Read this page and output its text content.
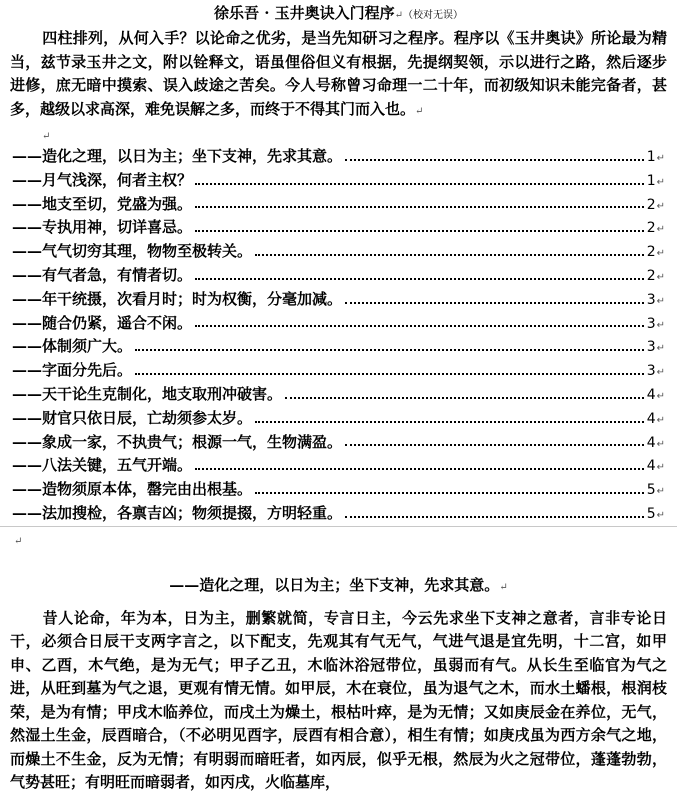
徐乐吾 · 玉井奥诀入门程序↵（校对无误）
四柱排列，从何入手？以论命之优劣，是当先知研习之程序。程序以《玉井奥诀》所论最为精当，兹节录玉井之文，附以铨释文，语虽俚俗但义有根据，先提纲契领，示以进行之路，然后逐步进修，庶无暗中摸索、误入歧途之苦矣。今人号称曾习命理一二十年，而初级知识未能完备者，甚多，越级以求高深，难免误解之多，而终于不得其门而入也。↵
↵
——造化之理，以日为主；坐下支神，先求其意。	1↵
——月气浅深，何者主权？	1↵
——地支至切，党盛为强。	2↵
——专执用神，切详喜忌。	2↵
——气气切穷其理，物物至极转关。	2↵
——有气者急，有情者切。	2↵
——年干统摄，次看月时；时为权衡，分毫加减。	3↵
——随合仍紧，遥合不闲。	3↵
——体制须广大。	3↵
——字面分先后。	3↵
——天干论生克制化，地支取刑冲破害。	4↵
——财官只依日辰，亡劫须参太岁。	4↵
——象成一家，不执贵气；根源一气，生物满盈。	4↵
——八法关键，五气开端。	4↵
——造物须原本体，罄完由出根基。	5↵
——法加搜检，各禀吉凶；物须提掇，方明轻重。	5↵
↵
——造化之理，以日为主；坐下支神，先求其意。↵
昔人论命，年为本，日为主，删繁就简，专言日主，今云先求坐下支神之意者，言非专论日干，必须合日辰干支两字言之，以下配支，先观其有气无气，气进气退是宜先明，十二宫，如甲申、乙酉，木气绝，是为无气；甲子乙丑，木临沐浴冠带位，虽弱而有气。从长生至临官为气之进，从旺到墓为气之退，更观有情无情。如甲辰，木在衰位，虽为退气之木，而水土蟠根，根润枝荣，是为有情；甲戌木临养位，而戌土为燥土，根枯叶瘁，是为无情；又如庚辰金在养位，无气，然湿土生金，辰酉暗合，（不必明见酉字，辰酉有相合意），相生有情；如庚戌虽为西方余气之地，而燥土不生金，反为无情；有明弱而暗旺者，如丙辰，似乎无根，然辰为火之冠带位，蓬蓬勃勃，气势甚旺；有明旺而暗弱者，如丙戌，火临墓库，
